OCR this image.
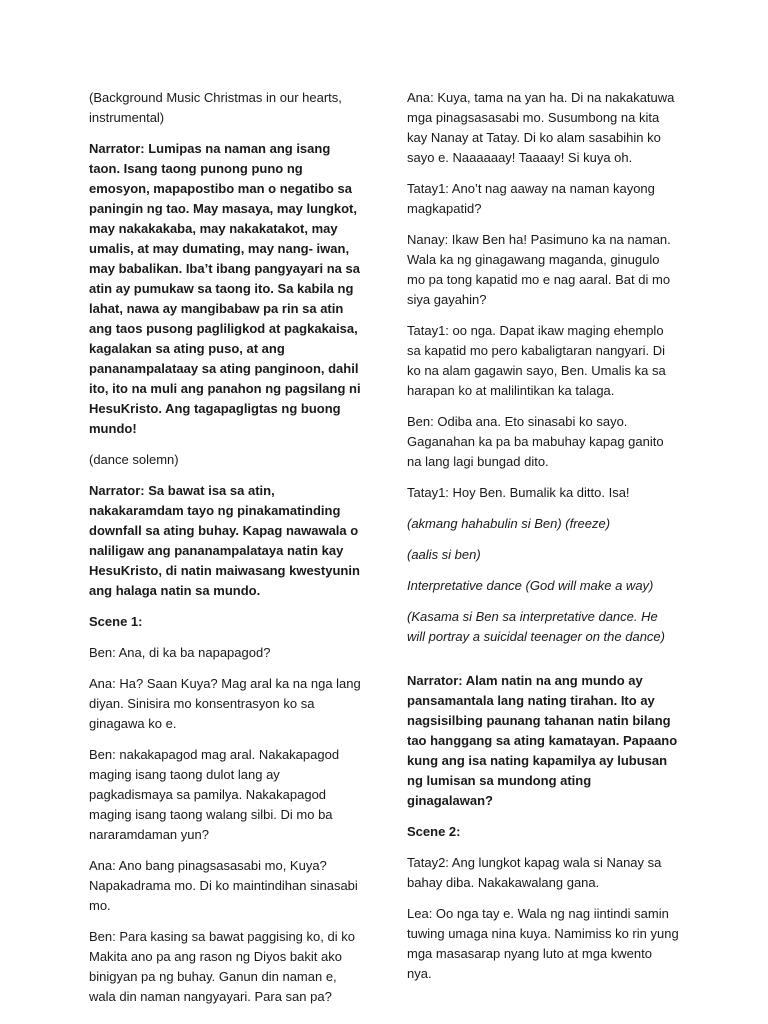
(Background Music Christmas in our hearts, instrumental)

Narrator: Lumipas na naman ang isang taon. Isang taong punong puno ng emosyon, mapapostibo man o negatibo sa paningin ng tao. May masaya, may lungkot, may nakakakaba, may nakakatakot, may umalis, at may dumating, may nang- iwan, may babalikan. Iba’t ibang pangyayari na sa atin ay pumukaw sa taong ito. Sa kabila ng lahat, nawa ay mangibabaw pa rin sa atin ang taos pusong pagliligkod at pagkakaisa, kagalakan sa ating puso, at ang pananampalataay sa ating panginoon, dahil ito, ito na muli ang panahon ng pagsilang ni HesuKristo. Ang tagapagligtas ng buong mundo!

(dance solemn)

Narrator: Sa bawat isa sa atin, nakakaramdam tayo ng pinakamatinding downfall sa ating buhay. Kapag nawawala o naliligaw ang pananampalataya natin kay HesuKristo, di natin maiwasang kwestyunin ang halaga natin sa mundo.

Scene 1:

Ben: Ana, di ka ba napapagod?

Ana: Ha? Saan Kuya? Mag aral ka na nga lang diyan. Sinisira mo konsentrasyon ko sa ginagawa ko e.

Ben: nakakapagod mag aral. Nakakapagod maging isang taong dulot lang ay pagkadismaya sa pamilya. Nakakapagod maging isang taong walang silbi. Di mo ba nararamdaman yun?

Ana: Ano bang pinagsasasabi mo, Kuya? Napakadrama mo. Di ko maintindihan sinasabi mo.

Ben: Para kasing sa bawat paggising ko, di ko Makita ano pa ang rason ng Diyos bakit ako binigyan pa ng buhay. Ganun din naman e, wala din naman nangyayari. Para san pa?

Ana: Kuya, tama na yan ha. Di na nakakatuwa mga pinagsasasabi mo. Susumbong na kita kay Nanay at Tatay. Di ko alam sasabihin ko sayo e. Naaaaaay! Taaaay! Si kuya oh.

Tatay1: Ano’t nag aaway na naman kayong magkapatid?

Nanay: Ikaw Ben ha! Pasimuno ka na naman. Wala ka ng ginagawang maganda, ginugulo mo pa tong kapatid mo e nag aaral. Bat di mo siya gayahin?

Tatay1: oo nga. Dapat ikaw maging ehemplo sa kapatid mo pero kabaligtaran nangyari. Di ko na alam gagawin sayo, Ben. Umalis ka sa harapan ko at malilintikan ka talaga.

Ben: Odiba ana. Eto sinasabi ko sayo. Gaganahan ka pa ba mabuhay kapag ganito na lang lagi bungad dito.

Tatay1: Hoy Ben. Bumalik ka ditto. Isa!

(akmang hahabulin si Ben) (freeze)

(aalis si ben)

Interpretative dance (God will make a way)

(Kasama si Ben sa interpretative dance. He will portray a suicidal teenager on the dance)

Narrator: Alam natin na ang mundo ay pansamantala lang nating tirahan. Ito ay nagsisilbing paunang tahanan natin bilang tao hanggang sa ating kamatayan. Papaano kung ang isa nating kapamilya ay lubusan ng lumisan sa mundong ating ginagalawan?

Scene 2:

Tatay2: Ang lungkot kapag wala si Nanay sa bahay diba. Nakakawalang gana.

Lea: Oo nga tay e. Wala ng nag iintindi samin tuwing umaga nina kuya. Namimiss ko rin yung mga masasarap nyang luto at mga kwento nya.
